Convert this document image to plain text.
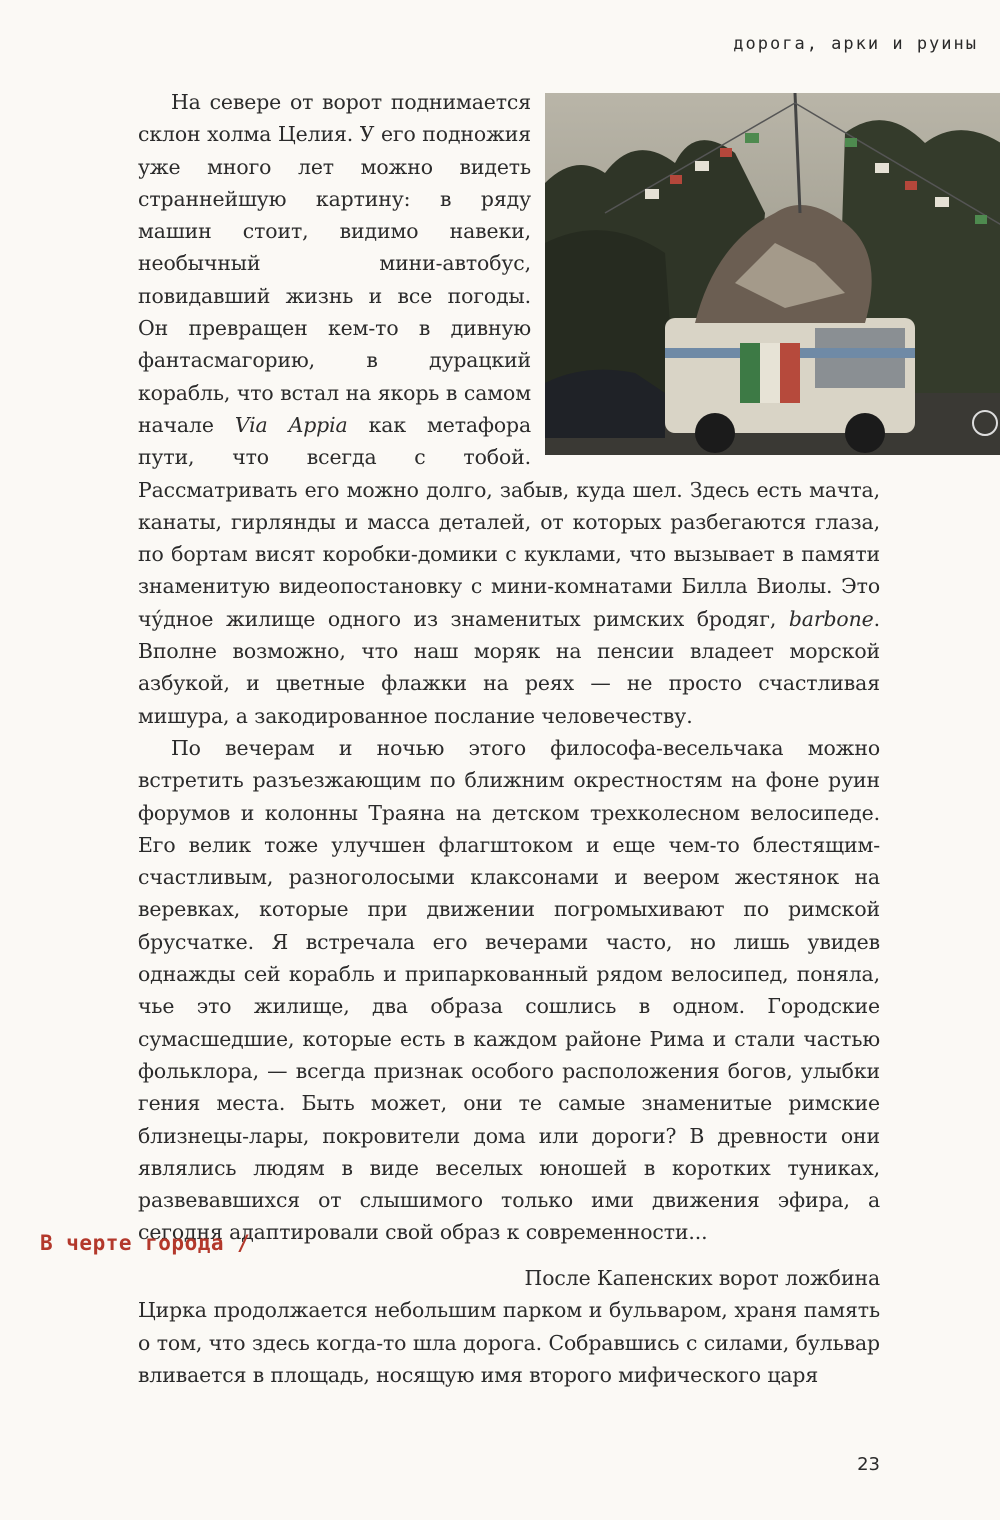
дорога, арки и руины

На севере от ворот поднимается склон холма Целия. У его подножия уже много лет можно видеть страннейшую картину: в ряду машин стоит, видимо навеки, необычный мини-автобус, повидавший жизнь и все погоды. Он превращен кем-то в дивную фантасмагорию, в дурацкий корабль, что встал на якорь в самом начале Via Appia как метафора пути, что всегда с тобой. Рассматривать его можно долго, забыв, куда шел. Здесь есть мачта, канаты, гирлянды и масса деталей, от которых разбегаются глаза, по бортам висят коробки-домики с куклами, что вызывает в памяти знаменитую видеопостановку с мини-комнатами Билла Виолы. Это чу́дное жилище одного из знаменитых римских бродяг, barbone. Вполне возможно, что наш моряк на пенсии владеет морской азбукой, и цветные флажки на реях — не просто счастливая мишура, а закодированное послание человечеству.

По вечерам и ночью этого философа-весельчака можно встретить разъезжающим по ближним окрестностям на фоне руин форумов и колонны Траяна на детском трехколесном велосипеде. Его велик тоже улучшен флагштоком и еще чем-то блестящим-счастливым, разноголосыми клаксонами и веером жестянок на веревках, которые при движении погромыхивают по римской брусчатке. Я встречала его вечерами часто, но лишь увидев однажды сей корабль и припаркованный рядом велосипед, поняла, чье это жилище, два образа сошлись в одном. Городские сумасшедшие, которые есть в каждом районе Рима и стали частью фольклора, — всегда признак особого расположения богов, улыбки гения места. Быть может, они те самые знаменитые римские близнецы-лары, покровители дома или дороги? В древности они являлись людям в виде веселых юношей в коротких туниках, развевавшихся от слышимого только ими движения эфира, а сегодня адаптировали свой образ к современности...

В черте города /

После Капенских ворот ложбина

Цирка продолжается небольшим парком и бульваром, храня память о том, что здесь когда-то шла дорога. Собравшись с силами, бульвар вливается в площадь, носящую имя второго мифического царя

23
